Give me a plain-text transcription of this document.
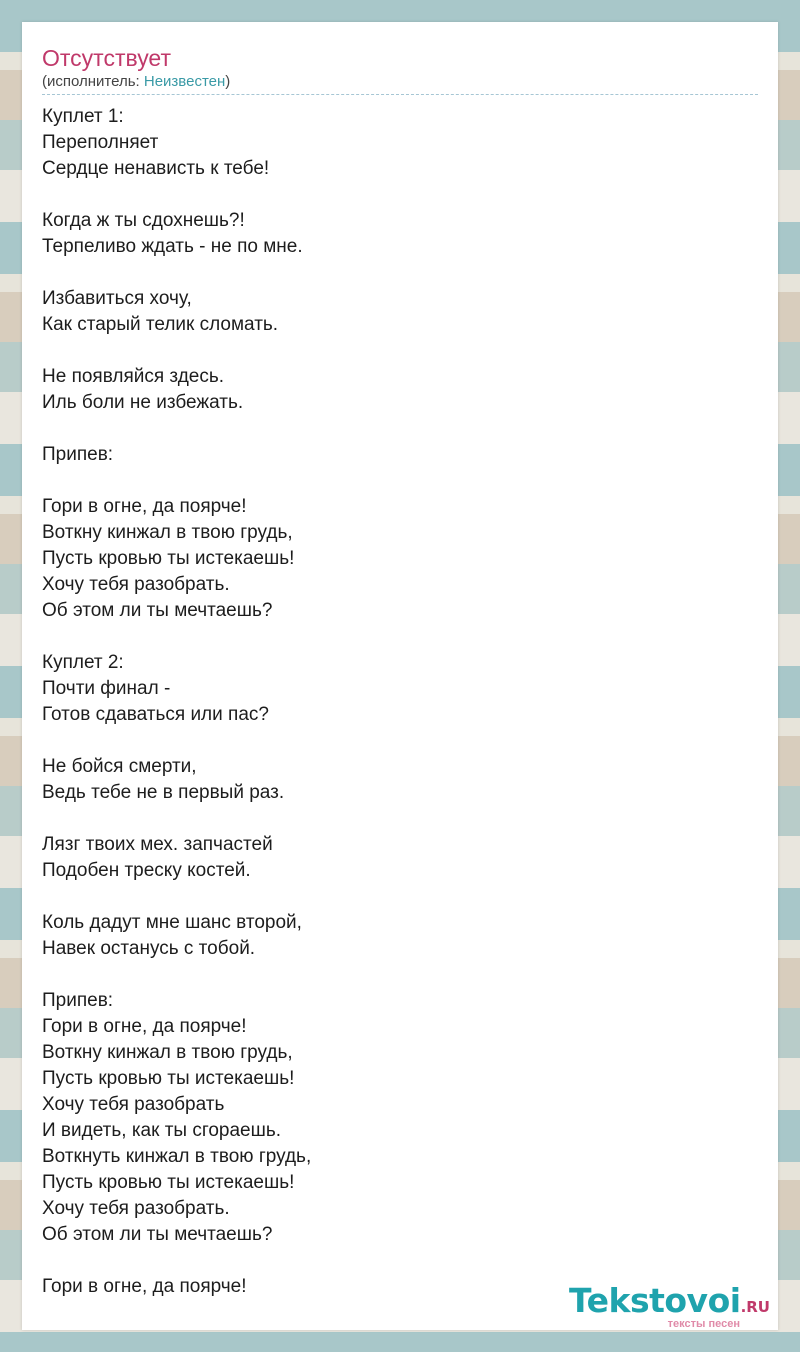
Отсутствует
(исполнитель: Неизвестен)
Куплет 1:
Переполняет
Сердце ненависть к тебе!
Когда ж ты сдохнешь?!
Терпеливо ждать - не по мне.
Избавиться хочу,
Как старый телик сломать.
Не появляйся здесь.
Иль боли не избежать.
Припев:
Гори в огне, да поярче!
Воткну кинжал в твою грудь,
Пусть кровью ты истекаешь!
Хочу тебя разобрать.
Об этом ли ты мечтаешь?
Куплет 2:
Почти финал -
Готов сдаваться или пас?
Не бойся смерти,
Ведь тебе не в первый раз.
Лязг твоих мех. запчастей
Подобен треску костей.
Коль дадут мне шанс второй,
Навек останусь с тобой.
Припев:
Гори в огне, да поярче!
Воткну кинжал в твою грудь,
Пусть кровью ты истекаешь!
Хочу тебя разобрать
И видеть, как ты сгораешь.
Воткнуть кинжал в твою грудь,
Пусть кровью ты истекаешь!
Хочу тебя разобрать.
Об этом ли ты мечтаешь?
Гори в огне, да поярче!	Tekstovoi.RU
тексты песен
